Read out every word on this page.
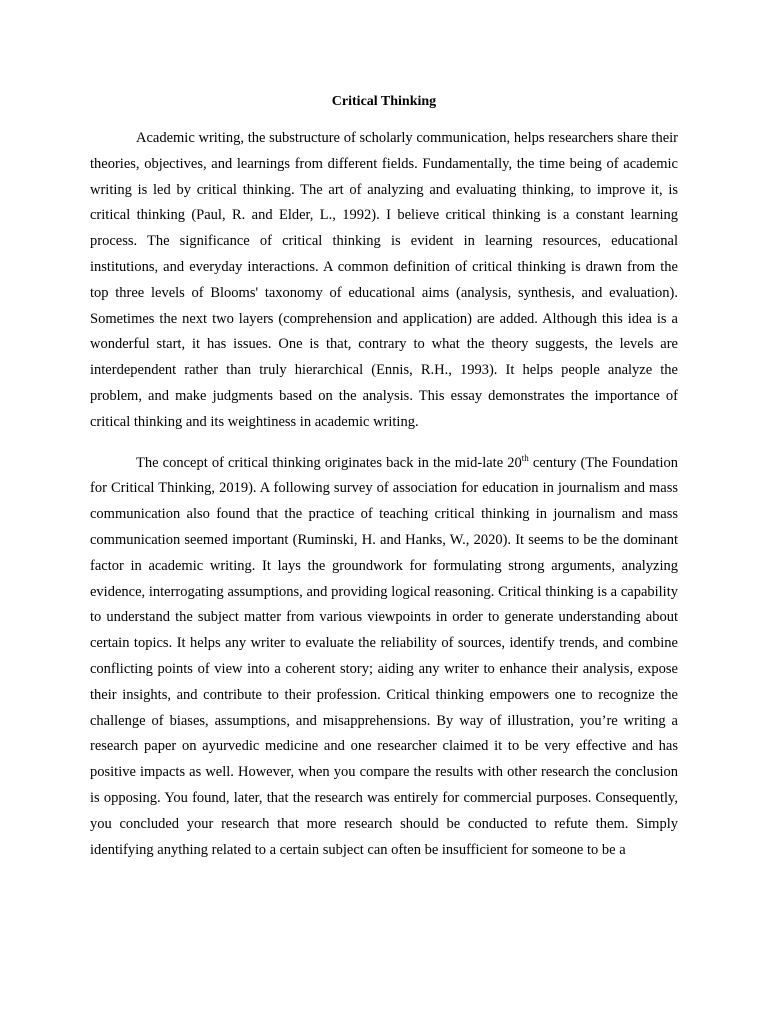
Critical Thinking

Academic writing, the substructure of scholarly communication, helps researchers share their theories, objectives, and learnings from different fields. Fundamentally, the time being of academic writing is led by critical thinking. The art of analyzing and evaluating thinking, to improve it, is critical thinking (Paul, R. and Elder, L., 1992). I believe critical thinking is a constant learning process. The significance of critical thinking is evident in learning resources, educational institutions, and everyday interactions. A common definition of critical thinking is drawn from the top three levels of Blooms' taxonomy of educational aims (analysis, synthesis, and evaluation). Sometimes the next two layers (comprehension and application) are added. Although this idea is a wonderful start, it has issues. One is that, contrary to what the theory suggests, the levels are interdependent rather than truly hierarchical (Ennis, R.H., 1993). It helps people analyze the problem, and make judgments based on the analysis. This essay demonstrates the importance of critical thinking and its weightiness in academic writing.

The concept of critical thinking originates back in the mid-late 20th century (The Foundation for Critical Thinking, 2019). A following survey of association for education in journalism and mass communication also found that the practice of teaching critical thinking in journalism and mass communication seemed important (Ruminski, H. and Hanks, W., 2020). It seems to be the dominant factor in academic writing. It lays the groundwork for formulating strong arguments, analyzing evidence, interrogating assumptions, and providing logical reasoning. Critical thinking is a capability to understand the subject matter from various viewpoints in order to generate understanding about certain topics. It helps any writer to evaluate the reliability of sources, identify trends, and combine conflicting points of view into a coherent story; aiding any writer to enhance their analysis, expose their insights, and contribute to their profession. Critical thinking empowers one to recognize the challenge of biases, assumptions, and misapprehensions. By way of illustration, you’re writing a research paper on ayurvedic medicine and one researcher claimed it to be very effective and has positive impacts as well. However, when you compare the results with other research the conclusion is opposing. You found, later, that the research was entirely for commercial purposes. Consequently, you concluded your research that more research should be conducted to refute them. Simply identifying anything related to a certain subject can often be insufficient for someone to be a
